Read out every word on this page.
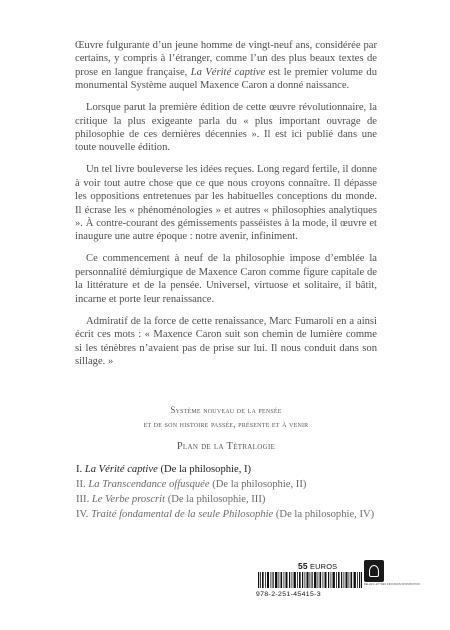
Œuvre fulgurante d’un jeune homme de vingt-neuf ans, considérée par certains, y compris à l’étranger, comme l’un des plus beaux textes de prose en langue française, La Vérité captive est le premier volume du monumental Système auquel Maxence Caron a donné naissance.

Lorsque parut la première édition de cette œuvre révolutionnaire, la critique la plus exigeante parla du « plus important ouvrage de philosophie de ces dernières décennies ». Il est ici publié dans une toute nouvelle édition.

Un tel livre bouleverse les idées reçues. Long regard fertile, il donne à voir tout autre chose que ce que nous croyons connaître. Il dépasse les oppositions entretenues par les habituelles conceptions du monde. Il écrase les « phénoménologies » et autres « philosophies analytiques ». À contre-courant des gémissements passéistes à la mode, il œuvre et inaugure une autre époque : notre avenir, infiniment.

Ce commencement à neuf de la philosophie impose d’emblée la personnalité démiurgique de Maxence Caron comme figure capitale de la littérature et de la pensée. Universel, virtuose et solitaire, il bâtit, incarne et porte leur renaissance.

Admiratif de la force de cette renaissance, Marc Fumaroli en a ainsi écrit ces mots : « Maxence Caron suit son chemin de lumière comme si les ténèbres n’avaient pas de prise sur lui. Il nous conduit dans son sillage. »

Système nouveau de la pensée
et de son histoire passée, présente et à venir
Plan de la Tétralogie
I. La Vérité captive (De la philosophie, I)
II. La Transcendance offusquée (De la philosophie, II)
III. Le Verbe proscrit (De la philosophie, III)
IV. Traité fondamental de la seule Philosophie (De la philosophie, IV)
55 EUROS
978-2-251-45415-3
BELLES LETTRES DIFFUSION DISTRIBUTION
